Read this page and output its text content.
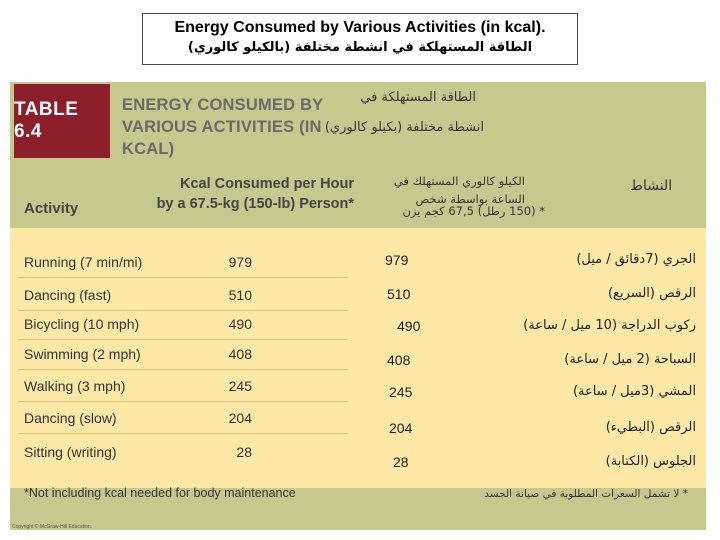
Energy Consumed by Various Activities (in kcal).
الطاقة المستهلكة في انشطة مختلفة (بالكيلو كالوري)
TABLE 6.4
ENERGY CONSUMED BY
VARIOUS ACTIVITIES (IN KCAL)
الطاقة المستهلكة في
انشطة مختلفة (بكيلو كالوري)
Kcal Consumed per Hour
by a 67.5-kg (150-lb) Person*
Activity
الكيلو كالوري المستهلك في
الساعة بواسطة شخص
* (150 رطل) 67,5 كجم يزن
النشاط
Running (7 min/mi)	979
Dancing (fast)	510
Bicycling (10 mph)	490
Swimming (2 mph)	408
Walking (3 mph)	245
Dancing (slow)	204
Sitting (writing)	28
979	الجري (7دقائق / ميل)
510	الرقص (السريع)
490	ركوب الدراجة (10 ميل / ساعة)
408	السباحة (2 ميل / ساعة)
245	المشي (3ميل / ساعة)
204	الرقص (البطيء)
28	الجلوس (الكتابة)
*Not including kcal needed for body maintenance	* لا تشمل السعرات المطلوبة في صيانة الجسد
Copyright © McGraw-Hill Education.
